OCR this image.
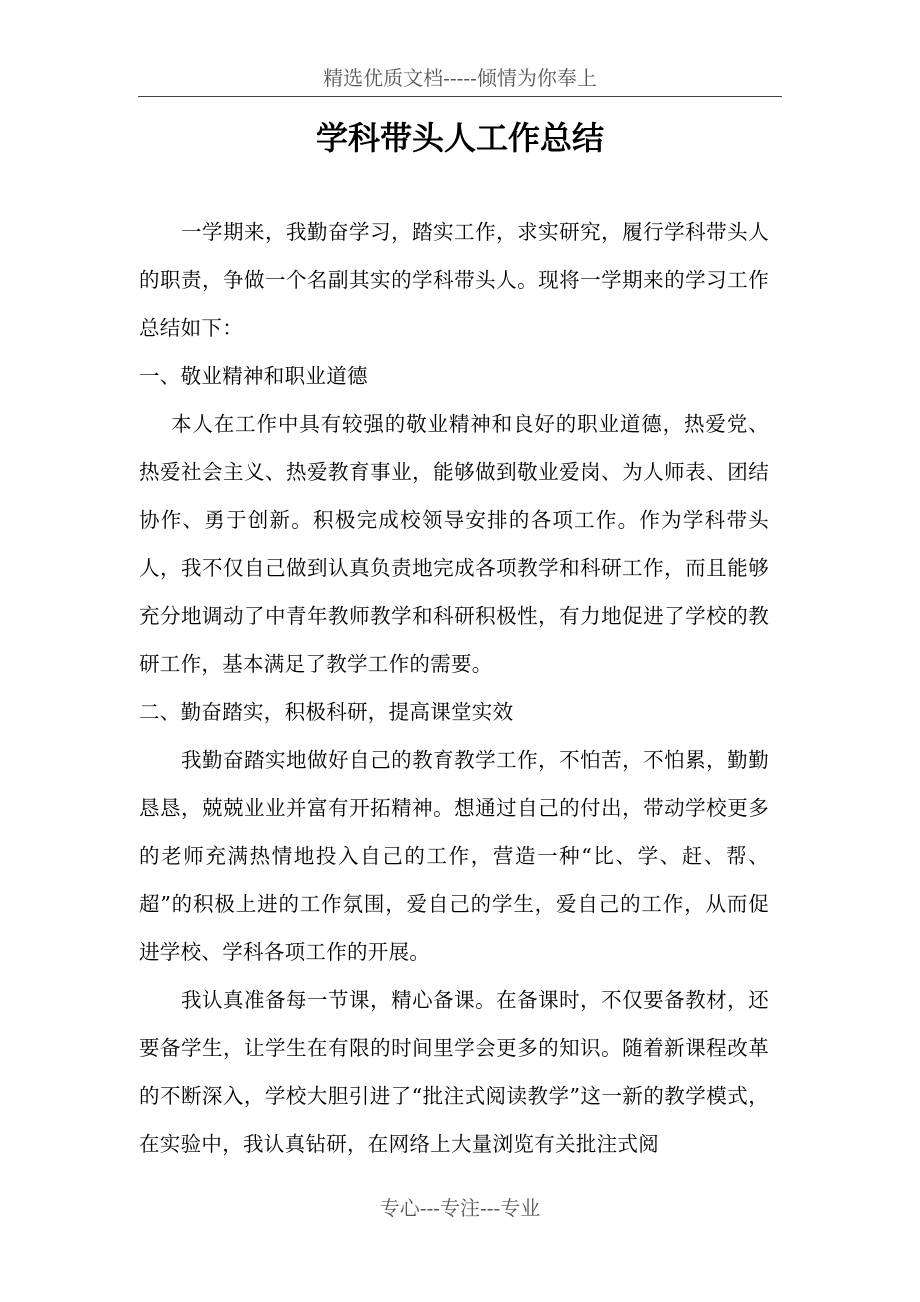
精选优质文档-----倾情为你奉上
学科带头人工作总结

一学期来，我勤奋学习，踏实工作，求实研究，履行学科带头人的职责，争做一个名副其实的学科带头人。现将一学期来的学习工作总结如下：

一、敬业精神和职业道德

本人在工作中具有较强的敬业精神和良好的职业道德，热爱党、热爱社会主义、热爱教育事业，能够做到敬业爱岗、为人师表、团结协作、勇于创新。积极完成校领导安排的各项工作。作为学科带头人，我不仅自己做到认真负责地完成各项教学和科研工作，而且能够充分地调动了中青年教师教学和科研积极性，有力地促进了学校的教研工作，基本满足了教学工作的需要。

二、勤奋踏实，积极科研，提高课堂实效

我勤奋踏实地做好自己的教育教学工作，不怕苦，不怕累，勤勤恳恳，兢兢业业并富有开拓精神。想通过自己的付出，带动学校更多的老师充满热情地投入自己的工作，营造一种“比、学、赶、帮、超”的积极上进的工作氛围，爱自己的学生，爱自己的工作，从而促进学校、学科各项工作的开展。

我认真准备每一节课，精心备课。在备课时，不仅要备教材，还要备学生，让学生在有限的时间里学会更多的知识。随着新课程改革的不断深入，学校大胆引进了“批注式阅读教学”这一新的教学模式，在实验中，我认真钻研，在网络上大量浏览有关批注式阅

专心---专注---专业
